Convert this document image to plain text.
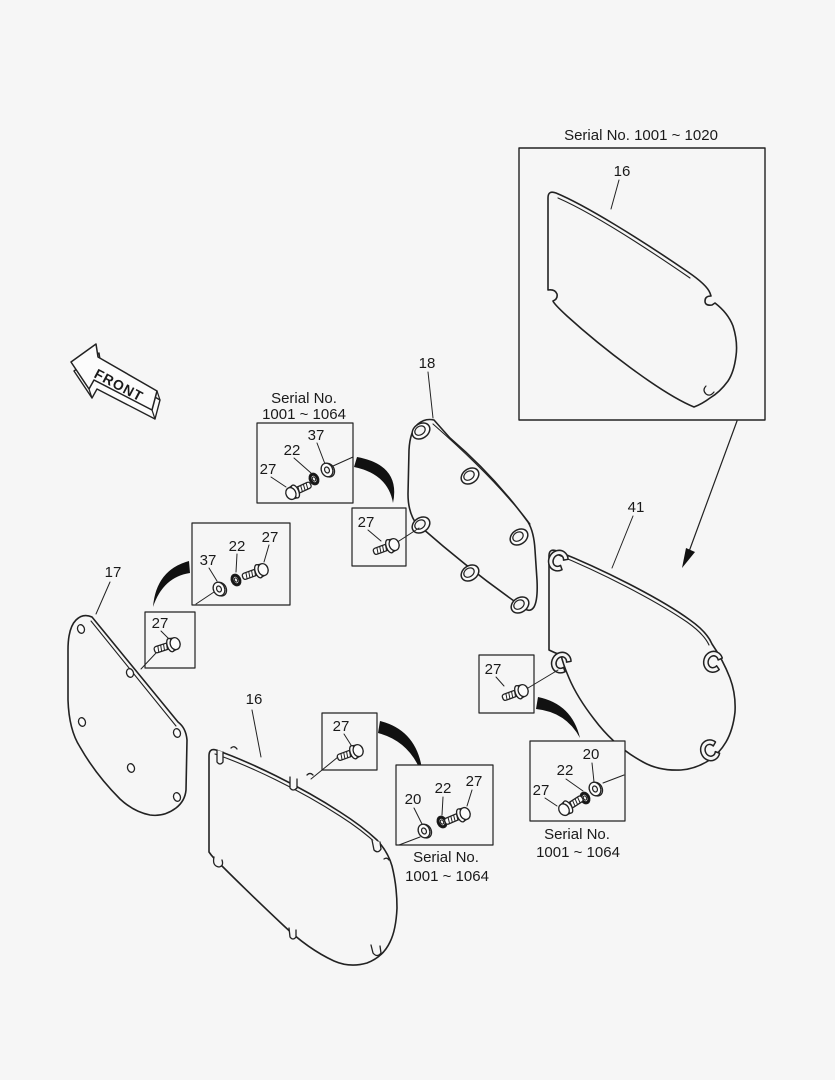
Serial No. 1001 ~ 1020
16
FRONT	Serial No.
1001 ~ 1064
37
22
27
18
27
41
17
37
22
27
27
16
27
20
22 27
Serial No.
1001 ~ 1064
27
20
22
27
Serial No.
1001 ~ 1064
